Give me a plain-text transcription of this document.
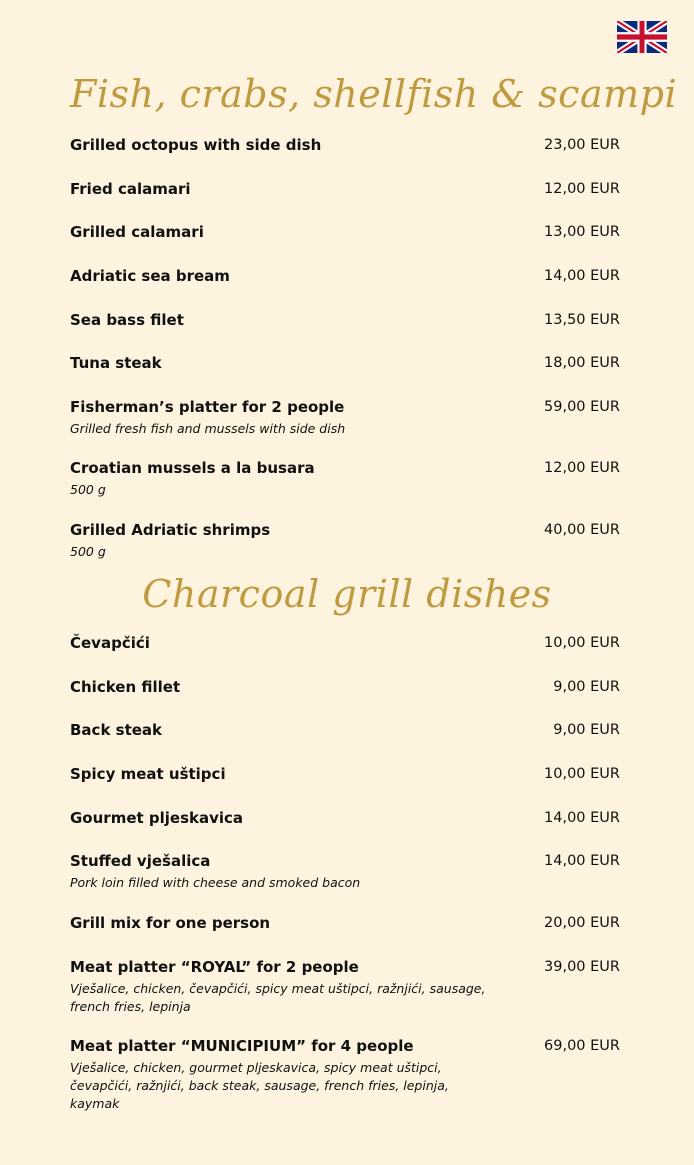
Fish, crabs, shellfish & scampi
Grilled octopus with side dish	23,00 EUR
Fried calamari	12,00 EUR
Grilled calamari	13,00 EUR
Adriatic sea bream	14,00 EUR
Sea bass filet	13,50 EUR
Tuna steak	18,00 EUR
Fisherman’s platter for 2 people	59,00 EUR
Grilled fresh fish and mussels with side dish
Croatian mussels a la busara	12,00 EUR
500 g
Grilled Adriatic shrimps	40,00 EUR
500 g
Charcoal grill dishes
Čevapčići	10,00 EUR
Chicken fillet	9,00 EUR
Back steak	9,00 EUR
Spicy meat uštipci	10,00 EUR
Gourmet pljeskavica	14,00 EUR
Stuffed vješalica	14,00 EUR
Pork loin filled with cheese and smoked bacon
Grill mix for one person	20,00 EUR
Meat platter “ROYAL” for 2 people	39,00 EUR
Vješalice, chicken, čevapčići, spicy meat uštipci, ražnjići, sausage, french fries, lepinja
Meat platter “MUNICIPIUM” for 4 people	69,00 EUR
Vješalice, chicken, gourmet pljeskavica, spicy meat uštipci, čevapčići, ražnjići, back steak, sausage, french fries, lepinja, kaymak
